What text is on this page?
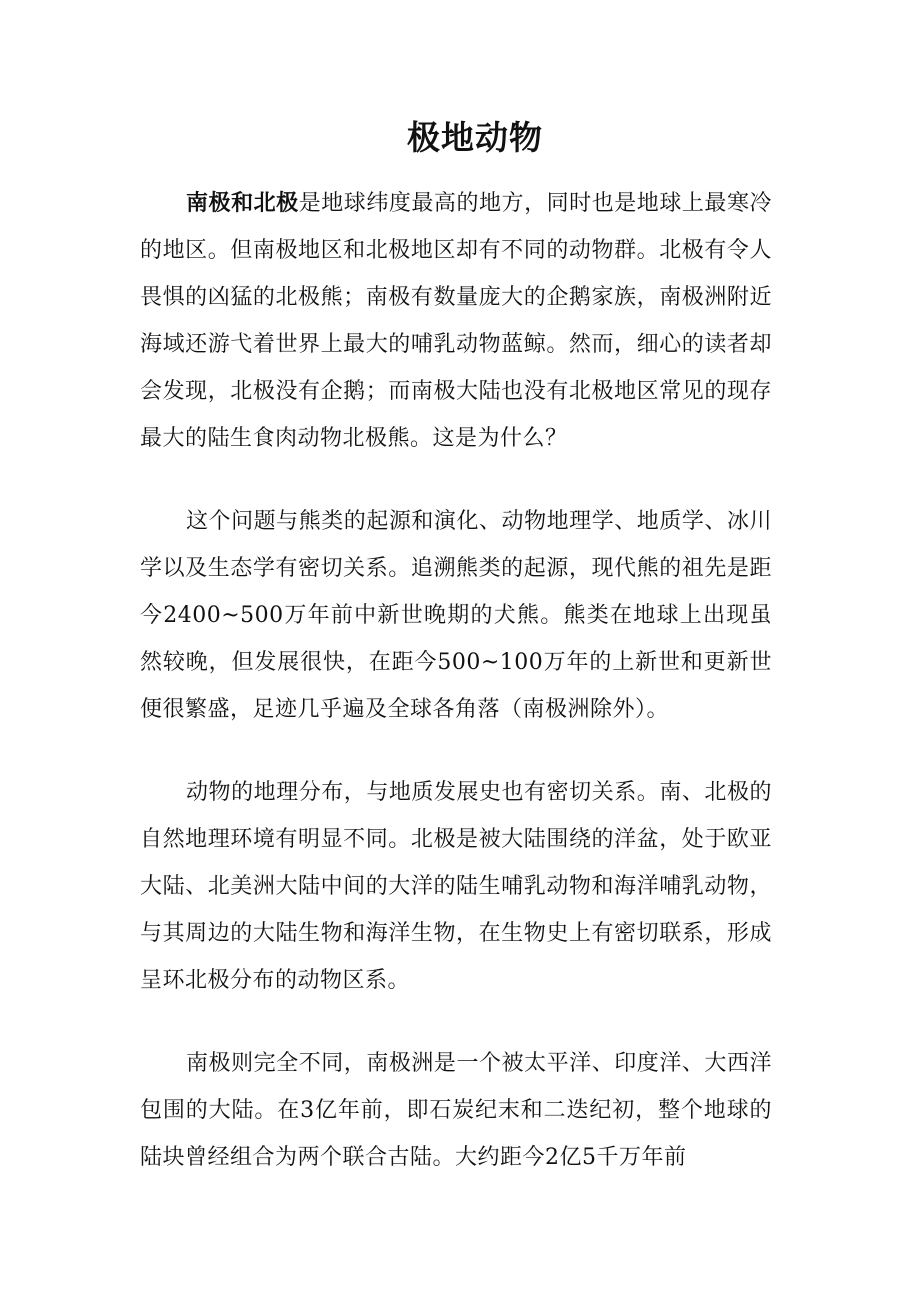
极地动物

南极和北极是地球纬度最高的地方，同时也是地球上最寒冷的地区。但南极地区和北极地区却有不同的动物群。北极有令人畏惧的凶猛的北极熊；南极有数量庞大的企鹅家族，南极洲附近海域还游弋着世界上最大的哺乳动物蓝鲸。然而，细心的读者却会发现，北极没有企鹅；而南极大陆也没有北极地区常见的现存最大的陆生食肉动物北极熊。这是为什么？

这个问题与熊类的起源和演化、动物地理学、地质学、冰川学以及生态学有密切关系。追溯熊类的起源，现代熊的祖先是距今2400~500万年前中新世晚期的犬熊。熊类在地球上出现虽然较晚，但发展很快，在距今500~100万年的上新世和更新世便很繁盛，足迹几乎遍及全球各角落（南极洲除外）。

动物的地理分布，与地质发展史也有密切关系。南、北极的自然地理环境有明显不同。北极是被大陆围绕的洋盆，处于欧亚大陆、北美洲大陆中间的大洋的陆生哺乳动物和海洋哺乳动物，与其周边的大陆生物和海洋生物，在生物史上有密切联系，形成呈环北极分布的动物区系。

南极则完全不同，南极洲是一个被太平洋、印度洋、大西洋包围的大陆。在3亿年前，即石炭纪末和二迭纪初，整个地球的陆块曾经组合为两个联合古陆。大约距今2亿5千万年前
